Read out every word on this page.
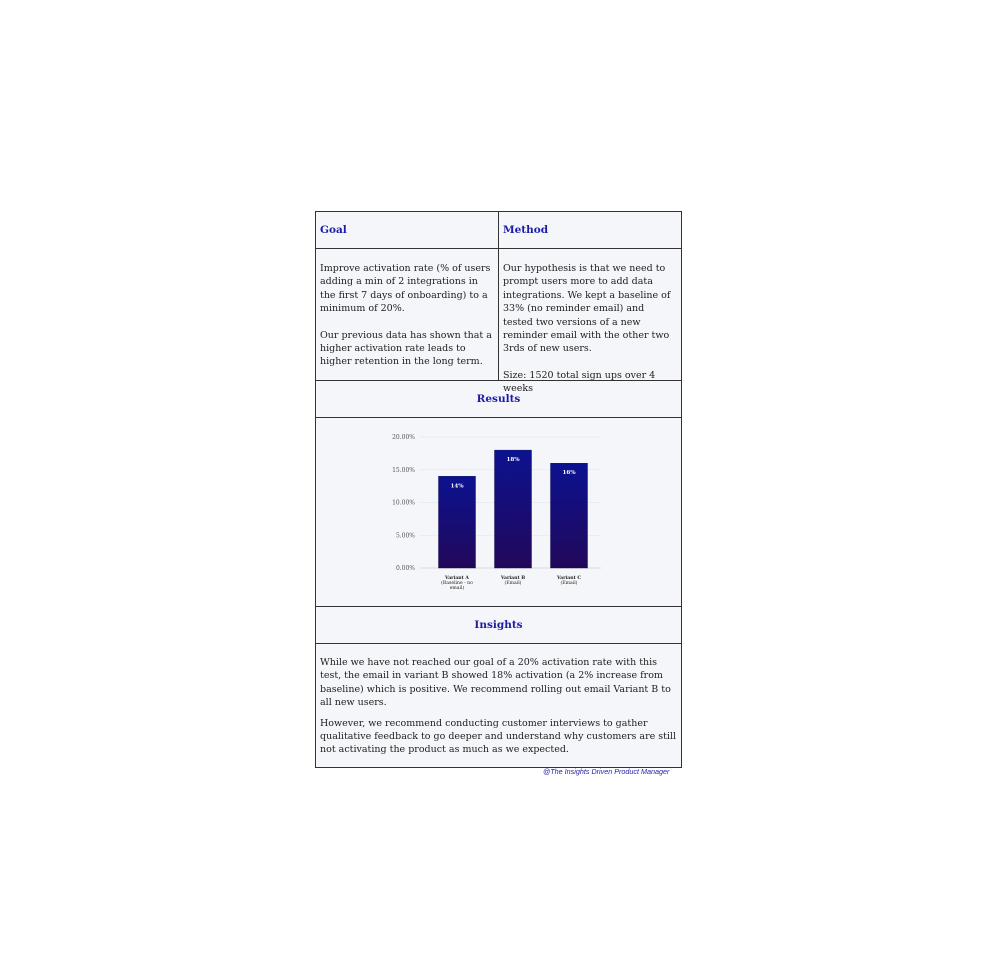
Goal	Method

Improve activation rate (% of users adding a min of 2 integrations in the first 7 days of onboarding) to a minimum of 20%.

Our previous data has shown that a higher activation rate leads to higher retention in the long term.

Our hypothesis is that we need to prompt users more to add data integrations. We kept a baseline of 33% (no reminder email) and tested two versions of a new reminder email with the other two 3rds of new users.

Size: 1520 total sign ups over 4 weeks

Results
0.00%
5.00%
10.00%
15.00%
20.00%
14%
Variant A
(Baseline - no
email)
18%
Variant B
(Email)
16%
Variant C
(Email)
Insights

While we have not reached our goal of a 20% activation rate with this test, the email in variant B showed 18% activation (a 2% increase from baseline) which is positive. We recommend rolling out email Variant B to all new users.

However, we recommend conducting customer interviews to gather qualitative feedback to go deeper and understand why customers are still not activating the product as much as we expected.

@The Insights Driven Product Manager
